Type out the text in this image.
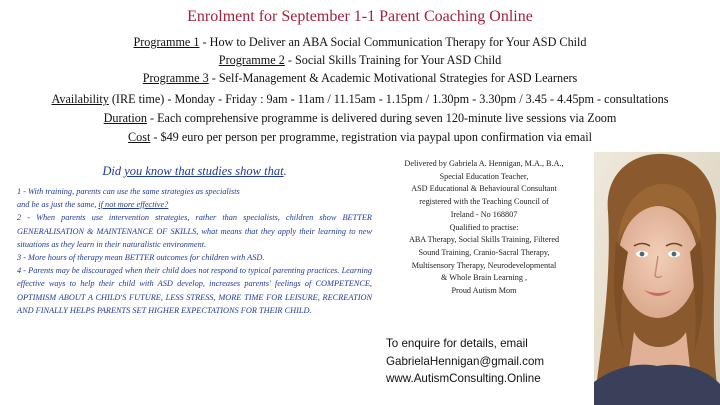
Enrolment for September 1-1 Parent Coaching Online
Programme 1 - How to Deliver an ABA Social Communication Therapy for Your ASD Child
Programme 2 - Social Skills Training for Your ASD Child
Programme 3 - Self-Management & Academic Motivational Strategies for ASD Learners
Availability (IRE time) - Monday - Friday : 9am - 11am / 11.15am - 1.15pm / 1.30pm - 3.30pm / 3.45 - 4.45pm - consultations
Duration - Each comprehensive programme is delivered during seven 120-minute live sessions via Zoom
Cost - $49 euro per person per programme, registration via paypal upon confirmation via email
Did you know that studies show that.

1 - With training, parents can use the same strategies as specialists
and be as just the same, if not more effective?

2 - When parents use intervention strategies, rather than specialists, children show BETTER GENERALISATION & MAINTENANCE OF SKILLS, what means that they apply their learning to new situations as they learn in their naturalistic environment.

3 - More hours of therapy mean BETTER outcomes for children with ASD.

4 - Parents may be discouraged when their child does not respond to typical parenting practices. Learning effective ways to help their child with ASD develop, increases parents' feelings of COMPETENCE, OPTIMISM ABOUT A CHILD'S FUTURE, LESS STRESS, MORE TIME FOR LEISURE, RECREATION AND FINALLY HELPS PARENTS SET HIGHER EXPECTATIONS FOR THEIR CHILD.

Delivered by Gabriela A. Hennigan, M.A., B.A.,
Special Education Teacher,
ASD Educational & Behavioural Consultant
registered with the Teaching Council of
Ireland - No 168807
Qualified to practise:
ABA Therapy, Social Skills Training, Filtered
Sound Training, Cranio-Sacral Therapy,
Multisensory Therapy, Neurodevelopmental
& Whole Brain Learning ,
Proud Autism Mom
To enquire for details, email
GabrielaHennigan@gmail.com
www.AutismConsulting.Online
